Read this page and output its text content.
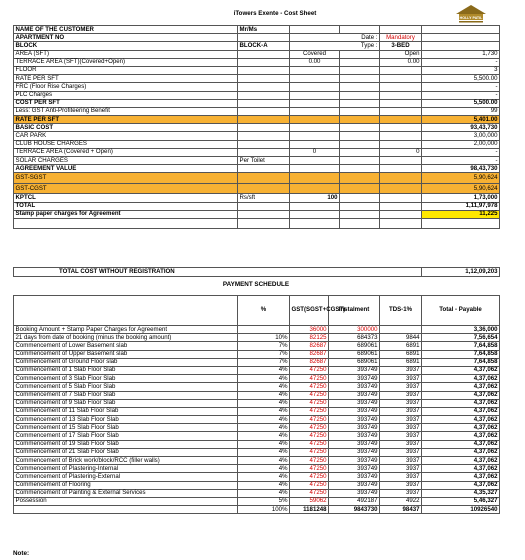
iTowers Exente - Cost Sheet
HOLLY PATIL
NAME OF THE CUSTOMER	Mr/Ms				
APARTMENT NO		Date :		Mandatory	
BLOCK	BLOCK-A	Type :		3-BED	
AREA (SFT)		Covered		Open	1,730
TERRACE AREA (SFT)(Covered+Open)		0.00		0.00	-
FLOOR					3
RATE PER SFT					5,500.00
FRC (Floor Rise Charges)					-
PLC Charges					-
COST PER SFT					5,500.00
Less: GST Anti-Profiteering Benefit					99
RATE PER SFT					5,401.00
BASIC COST					93,43,730
CAR PARK					3,00,000
CLUB HOUSE CHARGES					2,00,000
TERRACE AREA (Covered + Open)		0		0	-
SOLAR CHARGES	Per Toilet				-
AGREEMENT VALUE					98,43,730
GST-SGST					5,90,624
GST-CGST					5,90,624
KPTCL	Rs/sft	100			1,73,000
TOTAL					1,11,97,978
Stamp paper charges for Agreement					11,225

TOTAL COST WITHOUT REGISTRATION	1,12,09,203
PAYMENT SCHEDULE
	%	GST(SGST+CGST)	Instalment	TDS-1%	Total - Payable
Booking Amount + Stamp Paper Charges for Agreement		36000	300000		3,36,000
21 days from date of booking (minus the booking amount)	10%	82125	684373	9844	7,56,654
Commencement of Lower Basement slab	7%	82687	689061	6891	7,64,858
Commencement of Upper Basement slab	7%	82687	689061	6891	7,64,858
Commencement of Ground Floor slab	7%	82687	689061	6891	7,64,858
Commencement of 1 Slab Floor Slab	4%	47250	393749	3937	4,37,062
Commencement of 3 Slab Floor Slab	4%	47250	393749	3937	4,37,062
Commencement of 5 Slab Floor Slab	4%	47250	393749	3937	4,37,062
Commencement of 7 Slab Floor Slab	4%	47250	393749	3937	4,37,062
Commencement of 9 Slab Floor Slab	4%	47250	393749	3937	4,37,062
Commencement of 11 Slab Floor Slab	4%	47250	393749	3937	4,37,062
Commencement of 13 Slab Floor Slab	4%	47250	393749	3937	4,37,062
Commencement of 15 Slab Floor Slab	4%	47250	393749	3937	4,37,062
Commencement of 17 Slab Floor Slab	4%	47250	393749	3937	4,37,062
Commencement of 19 Slab Floor Slab	4%	47250	393749	3937	4,37,062
Commencement of 21 Slab Floor Slab	4%	47250	393749	3937	4,37,062
Commencement of Brick work/block/RCC (filler walls)	4%	47250	393749	3937	4,37,062
Commencement of Plastering-Internal	4%	47250	393749	3937	4,37,062
Commencement of Plastering-External	4%	47250	393749	3937	4,37,062
Commencement of Flooring	4%	47250	393749	3937	4,37,062
Commencement of Painting & External Services	4%	47250	393749	3937	4,35,327
Possession	5%	59062	492187	4922	5,46,327
	100%	1181248	9843730	98437	10926540
Note:
